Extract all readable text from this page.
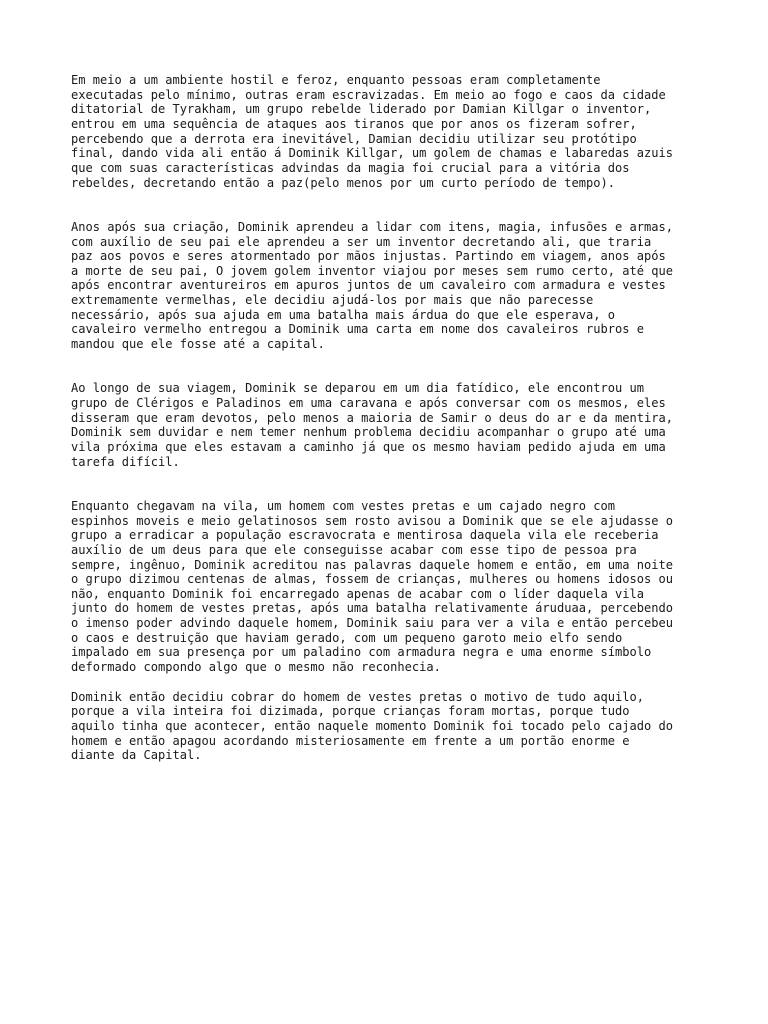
Em meio a um ambiente hostil e feroz, enquanto pessoas eram completamente
executadas pelo mínimo, outras eram escravizadas. Em meio ao fogo e caos da cidade
ditatorial de Tyrakham, um grupo rebelde liderado por Damian Killgar o inventor,
entrou em uma sequência de ataques aos tiranos que por anos os fizeram sofrer,
percebendo que a derrota era inevitável, Damian decidiu utilizar seu protótipo
final, dando vida ali então á Dominik Killgar, um golem de chamas e labaredas azuis
que com suas características advindas da magia foi crucial para a vitória dos
rebeldes, decretando então a paz(pelo menos por um curto período de tempo).

Anos após sua criação, Dominik aprendeu a lidar com itens, magia, infusões e armas,
com auxílio de seu pai ele aprendeu a ser um inventor decretando ali, que traria
paz aos povos e seres atormentado por mãos injustas. Partindo em viagem, anos após
a morte de seu pai, O jovem golem inventor viajou por meses sem rumo certo, até que
após encontrar aventureiros em apuros juntos de um cavaleiro com armadura e vestes
extremamente vermelhas, ele decidiu ajudá-los por mais que não parecesse
necessário, após sua ajuda em uma batalha mais árdua do que ele esperava, o
cavaleiro vermelho entregou a Dominik uma carta em nome dos cavaleiros rubros e
mandou que ele fosse até a capital.

Ao longo de sua viagem, Dominik se deparou em um dia fatídico, ele encontrou um
grupo de Clérigos e Paladinos em uma caravana e após conversar com os mesmos, eles
disseram que eram devotos, pelo menos a maioria de Samir o deus do ar e da mentira,
Dominik sem duvidar e nem temer nenhum problema decidiu acompanhar o grupo até uma
vila próxima que eles estavam a caminho já que os mesmo haviam pedido ajuda em uma
tarefa difícil.

Enquanto chegavam na vila, um homem com vestes pretas e um cajado negro com
espinhos moveis e meio gelatinosos sem rosto avisou a Dominik que se ele ajudasse o
grupo a erradicar a população escravocrata e mentirosa daquela vila ele receberia
auxílio de um deus para que ele conseguisse acabar com esse tipo de pessoa pra
sempre, ingênuo, Dominik acreditou nas palavras daquele homem e então, em uma noite
o grupo dizimou centenas de almas, fossem de crianças, mulheres ou homens idosos ou
não, enquanto Dominik foi encarregado apenas de acabar com o líder daquela vila
junto do homem de vestes pretas, após uma batalha relativamente áruduaa, percebendo
o imenso poder advindo daquele homem, Dominik saiu para ver a vila e então percebeu
o caos e destruição que haviam gerado, com um pequeno garoto meio elfo sendo
impalado em sua presença por um paladino com armadura negra e uma enorme símbolo
deformado compondo algo que o mesmo não reconhecia.

Dominik então decidiu cobrar do homem de vestes pretas o motivo de tudo aquilo,
porque a vila inteira foi dizimada, porque crianças foram mortas, porque tudo
aquilo tinha que acontecer, então naquele momento Dominik foi tocado pelo cajado do
homem e então apagou acordando misteriosamente em frente a um portão enorme e
diante da Capital.
